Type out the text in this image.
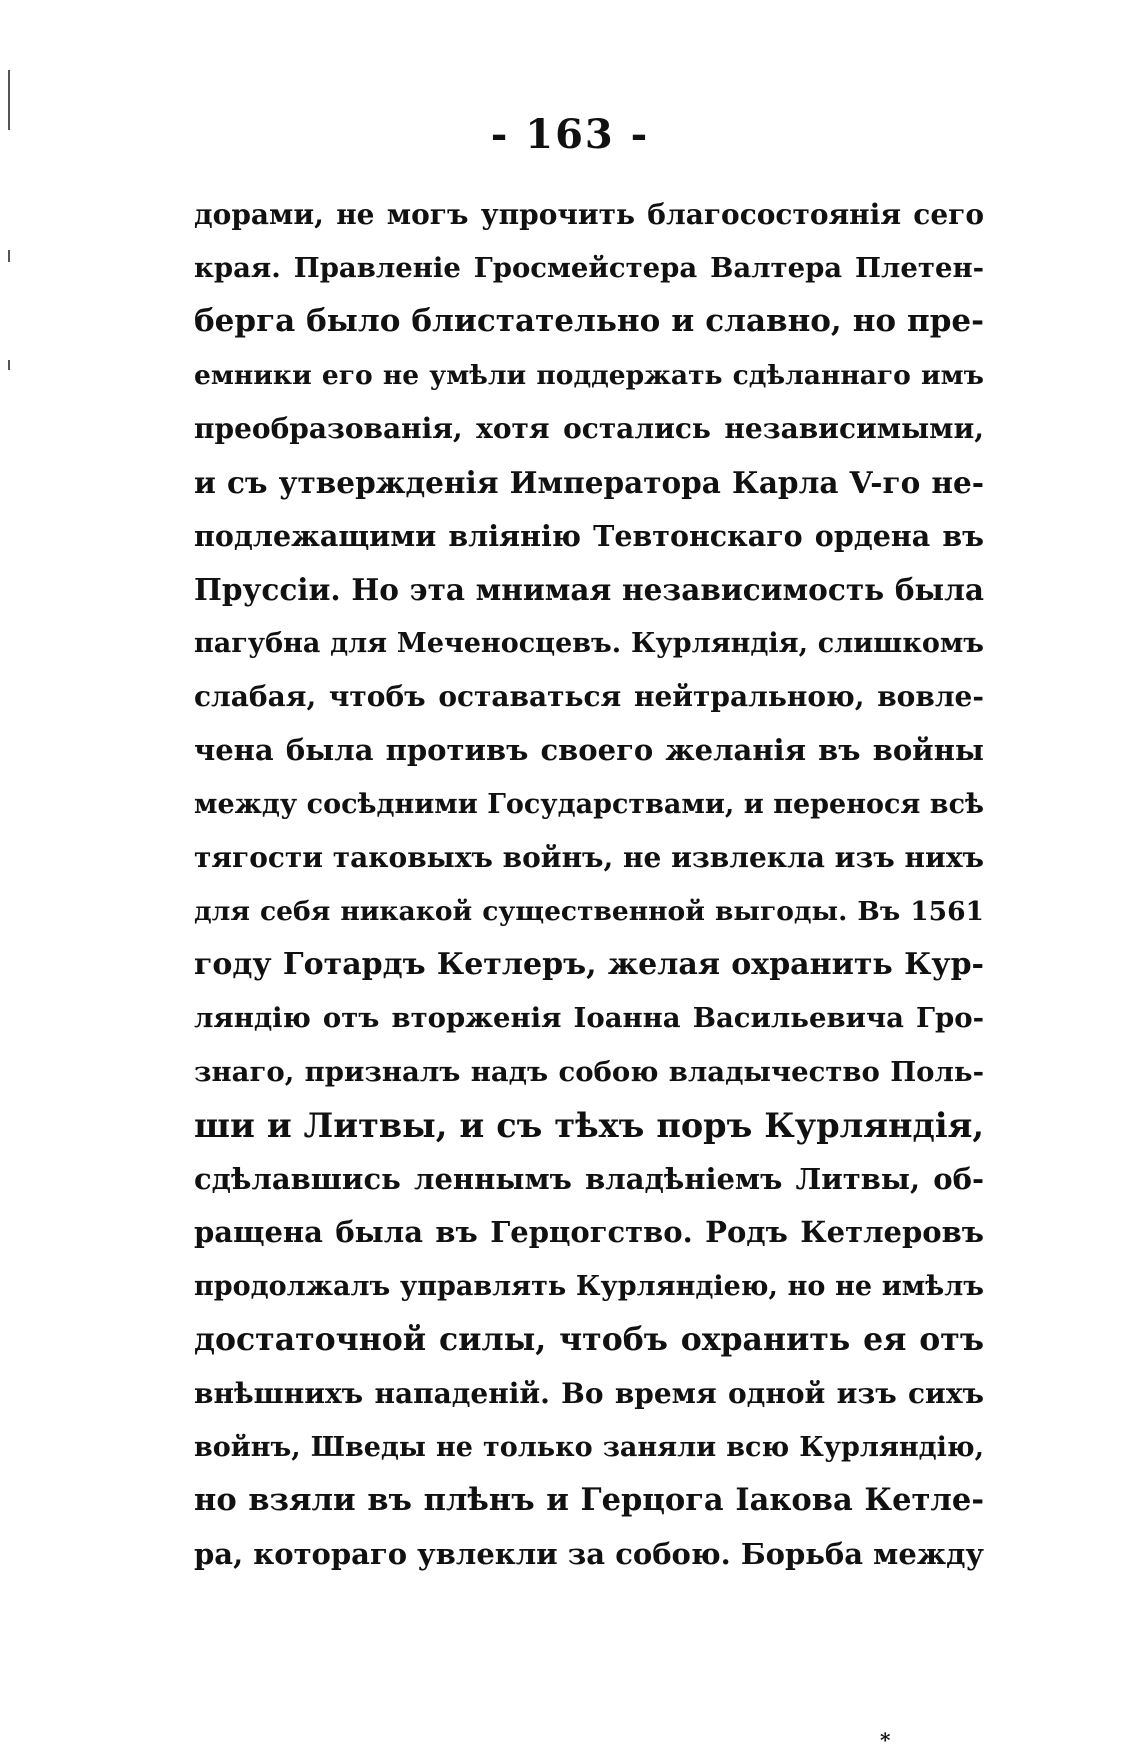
- 163 -
дорами, не могъ упрочить благосостоянія сего
края. Правленіе Гросмейстера Валтера Плетен-
берга было блистательно и славно, но пре-
емники его не умѣли поддержать сдѣланнаго имъ
преобразованія, хотя остались независимыми,
и съ утвержденія Императора Карла V-го не-
подлежащими вліянію Тевтонскаго ордена въ
Пруссіи. Но эта мнимая независимость была
пагубна для Меченосцевъ. Курляндія, слишкомъ
слабая, чтобъ оставаться нейтральною, вовле-
чена была противъ своего желанія въ войны
между сосѣдними Государствами, и перенося всѣ
тягости таковыхъ войнъ, не извлекла изъ нихъ
для себя никакой существенной выгоды. Въ 1561
году Готардъ Кетлеръ, желая охранить Кур-
ляндію отъ вторженія Іоанна Васильевича Гро-
знаго, призналъ надъ собою владычество Поль-
ши и Литвы, и съ тѣхъ поръ Курляндія,
сдѣлавшись леннымъ владѣніемъ Литвы, об-
ращена была въ Герцогство. Родъ Кетлеровъ
продолжалъ управлять Курляндіею, но не имѣлъ
достаточной силы, чтобъ охранить ея отъ
внѣшнихъ нападеній. Во время одной изъ сихъ
войнъ, Шведы не только заняли всю Курляндію,
но взяли въ плѣнъ и Герцога Іакова Кетле-
ра, котораго увлекли за собою. Борьба между
*
